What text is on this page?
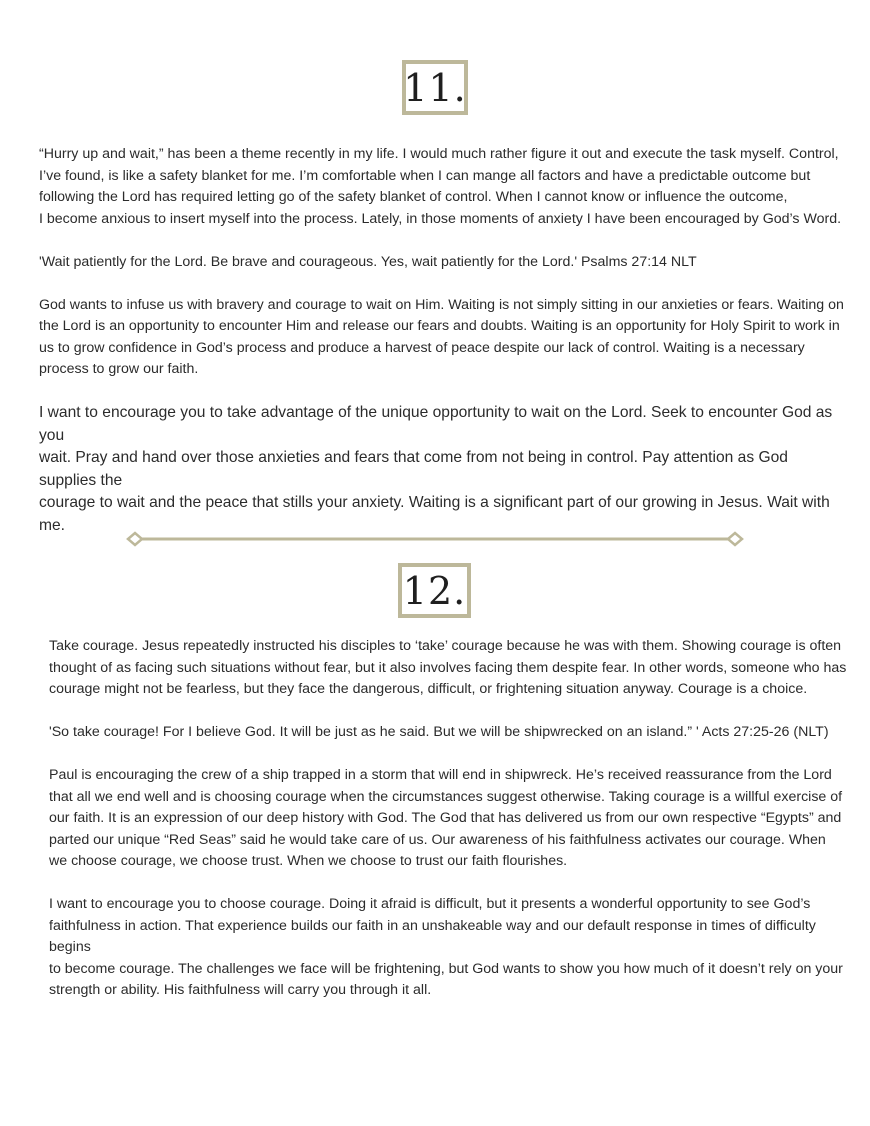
11.

“Hurry up and wait,” has been a theme recently in my life. I would much rather figure it out and execute the task myself. Control,
I’ve found, is like a safety blanket for me. I’m comfortable when I can mange all factors and have a predictable outcome but
following the Lord has required letting go of the safety blanket of control. When I cannot know or influence the outcome,
I become anxious to insert myself into the process. Lately, in those moments of anxiety I have been encouraged by God’s Word.

'Wait patiently for the Lord. Be brave and courageous. Yes, wait patiently for the Lord.' Psalms 27:14 NLT

God wants to infuse us with bravery and courage to wait on Him. Waiting is not simply sitting in our anxieties or fears. Waiting on
the Lord is an opportunity to encounter Him and release our fears and doubts. Waiting is an opportunity for Holy Spirit to work in
us to grow confidence in God’s process and produce a harvest of peace despite our lack of control. Waiting is a necessary
process to grow our faith.

I want to encourage you to take advantage of the unique opportunity to wait on the Lord. Seek to encounter God as you
wait. Pray and hand over those anxieties and fears that come from not being in control. Pay attention as God supplies the
courage to wait and the peace that stills your anxiety. Waiting is a significant part of our growing in Jesus. Wait with me.

12.

Take courage. Jesus repeatedly instructed his disciples to ‘take’ courage because he was with them. Showing courage is often
thought of as facing such situations without fear, but it also involves facing them despite fear. In other words, someone who has
courage might not be fearless, but they face the dangerous, difficult, or frightening situation anyway. Courage is a choice.

'So take courage! For I believe God. It will be just as he said. But we will be shipwrecked on an island.” ' Acts 27:25-26 (NLT)

Paul is encouraging the crew of a ship trapped in a storm that will end in shipwreck. He’s received reassurance from the Lord
that all we end well and is choosing courage when the circumstances suggest otherwise. Taking courage is a willful exercise of
our faith. It is an expression of our deep history with God. The God that has delivered us from our own respective “Egypts” and
parted our unique “Red Seas” said he would take care of us. Our awareness of his faithfulness activates our courage. When
we choose courage, we choose trust. When we choose to trust our faith flourishes.

I want to encourage you to choose courage. Doing it afraid is difficult, but it presents a wonderful opportunity to see God’s
faithfulness in action. That experience builds our faith in an unshakeable way and our default response in times of difficulty begins
to become courage. The challenges we face will be frightening, but God wants to show you how much of it doesn’t rely on your
strength or ability. His faithfulness will carry you through it all.
